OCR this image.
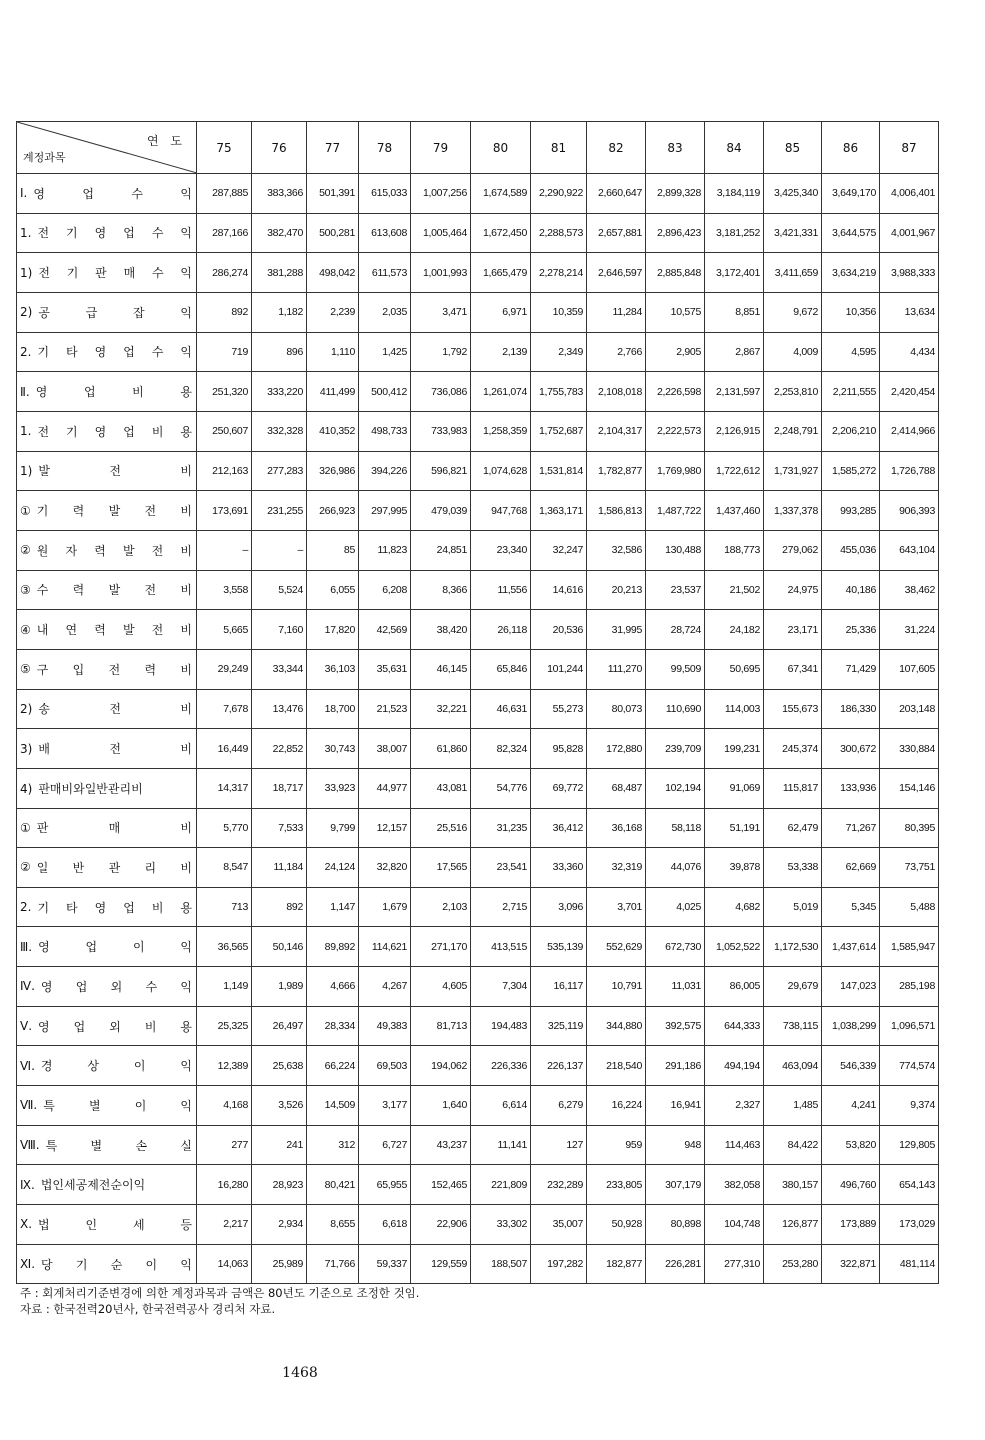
연 도
계정과목	75	76	77	78	79	80	81	82	83	84	85	86	87

Ⅰ. 영 업 수 익	287,885	383,366	501,391	615,033	1,007,256	1,674,589	2,290,922	2,660,647	2,899,328	3,184,119	3,425,340	3,649,170	4,006,401

1. 전 기 영 업 수 익	287,166	382,470	500,281	613,608	1,005,464	1,672,450	2,288,573	2,657,881	2,896,423	3,181,252	3,421,331	3,644,575	4,001,967

1) 전 기 판 매 수 익	286,274	381,288	498,042	611,573	1,001,993	1,665,479	2,278,214	2,646,597	2,885,848	3,172,401	3,411,659	3,634,219	3,988,333

2) 공 급 잡 익	892	1,182	2,239	2,035	3,471	6,971	10,359	11,284	10,575	8,851	9,672	10,356	13,634

2. 기 타 영 업 수 익	719	896	1,110	1,425	1,792	2,139	2,349	2,766	2,905	2,867	4,009	4,595	4,434

Ⅱ. 영 업 비 용	251,320	333,220	411,499	500,412	736,086	1,261,074	1,755,783	2,108,018	2,226,598	2,131,597	2,253,810	2,211,555	2,420,454

1. 전 기 영 업 비 용	250,607	332,328	410,352	498,733	733,983	1,258,359	1,752,687	2,104,317	2,222,573	2,126,915	2,248,791	2,206,210	2,414,966

1) 발 전 비	212,163	277,283	326,986	394,226	596,821	1,074,628	1,531,814	1,782,877	1,769,980	1,722,612	1,731,927	1,585,272	1,726,788

① 기 력 발 전 비	173,691	231,255	266,923	297,995	479,039	947,768	1,363,171	1,586,813	1,487,722	1,437,460	1,337,378	993,285	906,393

② 원 자 력 발 전 비	–	–	85	11,823	24,851	23,340	32,247	32,586	130,488	188,773	279,062	455,036	643,104

③ 수 력 발 전 비	3,558	5,524	6,055	6,208	8,366	11,556	14,616	20,213	23,537	21,502	24,975	40,186	38,462

④ 내 연 력 발 전 비	5,665	7,160	17,820	42,569	38,420	26,118	20,536	31,995	28,724	24,182	23,171	25,336	31,224

⑤ 구 입 전 력 비	29,249	33,344	36,103	35,631	46,145	65,846	101,244	111,270	99,509	50,695	67,341	71,429	107,605

2) 송 전 비	7,678	13,476	18,700	21,523	32,221	46,631	55,273	80,073	110,690	114,003	155,673	186,330	203,148

3) 배 전 비	16,449	22,852	30,743	38,007	61,860	82,324	95,828	172,880	239,709	199,231	245,374	300,672	330,884

4) 판매비와일반관리비	14,317	18,717	33,923	44,977	43,081	54,776	69,772	68,487	102,194	91,069	115,817	133,936	154,146

① 판 매 비	5,770	7,533	9,799	12,157	25,516	31,235	36,412	36,168	58,118	51,191	62,479	71,267	80,395

② 일 반 관 리 비	8,547	11,184	24,124	32,820	17,565	23,541	33,360	32,319	44,076	39,878	53,338	62,669	73,751

2. 기 타 영 업 비 용	713	892	1,147	1,679	2,103	2,715	3,096	3,701	4,025	4,682	5,019	5,345	5,488

Ⅲ. 영 업 이 익	36,565	50,146	89,892	114,621	271,170	413,515	535,139	552,629	672,730	1,052,522	1,172,530	1,437,614	1,585,947

Ⅳ. 영 업 외 수 익	1,149	1,989	4,666	4,267	4,605	7,304	16,117	10,791	11,031	86,005	29,679	147,023	285,198

Ⅴ. 영 업 외 비 용	25,325	26,497	28,334	49,383	81,713	194,483	325,119	344,880	392,575	644,333	738,115	1,038,299	1,096,571

Ⅵ. 경 상 이 익	12,389	25,638	66,224	69,503	194,062	226,336	226,137	218,540	291,186	494,194	463,094	546,339	774,574

Ⅶ. 특 별 이 익	4,168	3,526	14,509	3,177	1,640	6,614	6,279	16,224	16,941	2,327	1,485	4,241	9,374

Ⅷ. 특 별 손 실	277	241	312	6,727	43,237	11,141	127	959	948	114,463	84,422	53,820	129,805

Ⅸ. 법인세공제전순이익	16,280	28,923	80,421	65,955	152,465	221,809	232,289	233,805	307,179	382,058	380,157	496,760	654,143

Ⅹ. 법 인 세 등	2,217	2,934	8,655	6,618	22,906	33,302	35,007	50,928	80,898	104,748	126,877	173,889	173,029

Ⅺ. 당 기 순 이 익	14,063	25,989	71,766	59,337	129,559	188,507	197,282	182,877	226,281	277,310	253,280	322,871	481,114
주 : 회계처리기준변경에 의한 계정과목과 금액은 80년도 기준으로 조정한 것임.
자료 : 한국전력20년사, 한국전력공사 경리처 자료.
1468
